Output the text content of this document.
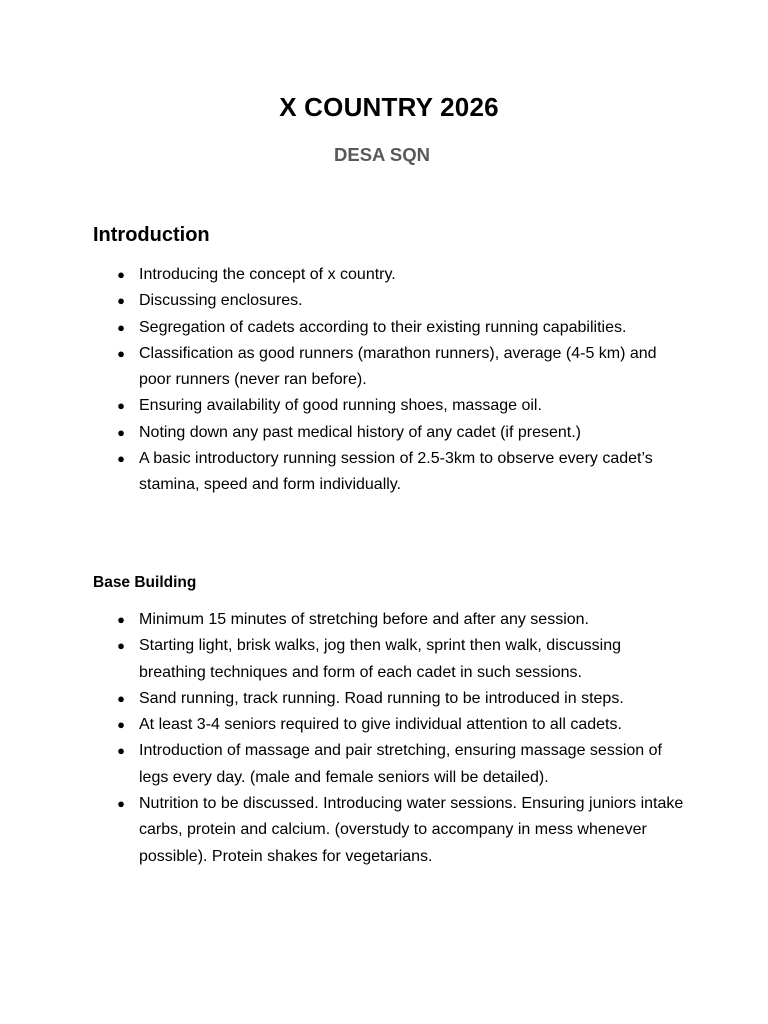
X COUNTRY 2026
DESA SQN
Introduction
● Introducing the concept of x country.
● Discussing enclosures.
● Segregation of cadets according to their existing running capabilities.
● Classification as good runners (marathon runners), average (4-5 km) and poor runners (never ran before).
● Ensuring availability of good running shoes, massage oil.
● Noting down any past medical history of any cadet (if present.)
● A basic introductory running session of 2.5-3km to observe every cadet’s stamina, speed and form individually.
Base Building
● Minimum 15 minutes of stretching before and after any session.
● Starting light, brisk walks, jog then walk, sprint then walk, discussing breathing techniques and form of each cadet in such sessions.
● Sand running, track running. Road running to be introduced in steps.
● At least 3-4 seniors required to give individual attention to all cadets.
● Introduction of massage and pair stretching, ensuring massage session of legs every day. (male and female seniors will be detailed).
● Nutrition to be discussed. Introducing water sessions. Ensuring juniors intake carbs, protein and calcium. (overstudy to accompany in mess whenever possible). Protein shakes for vegetarians.
